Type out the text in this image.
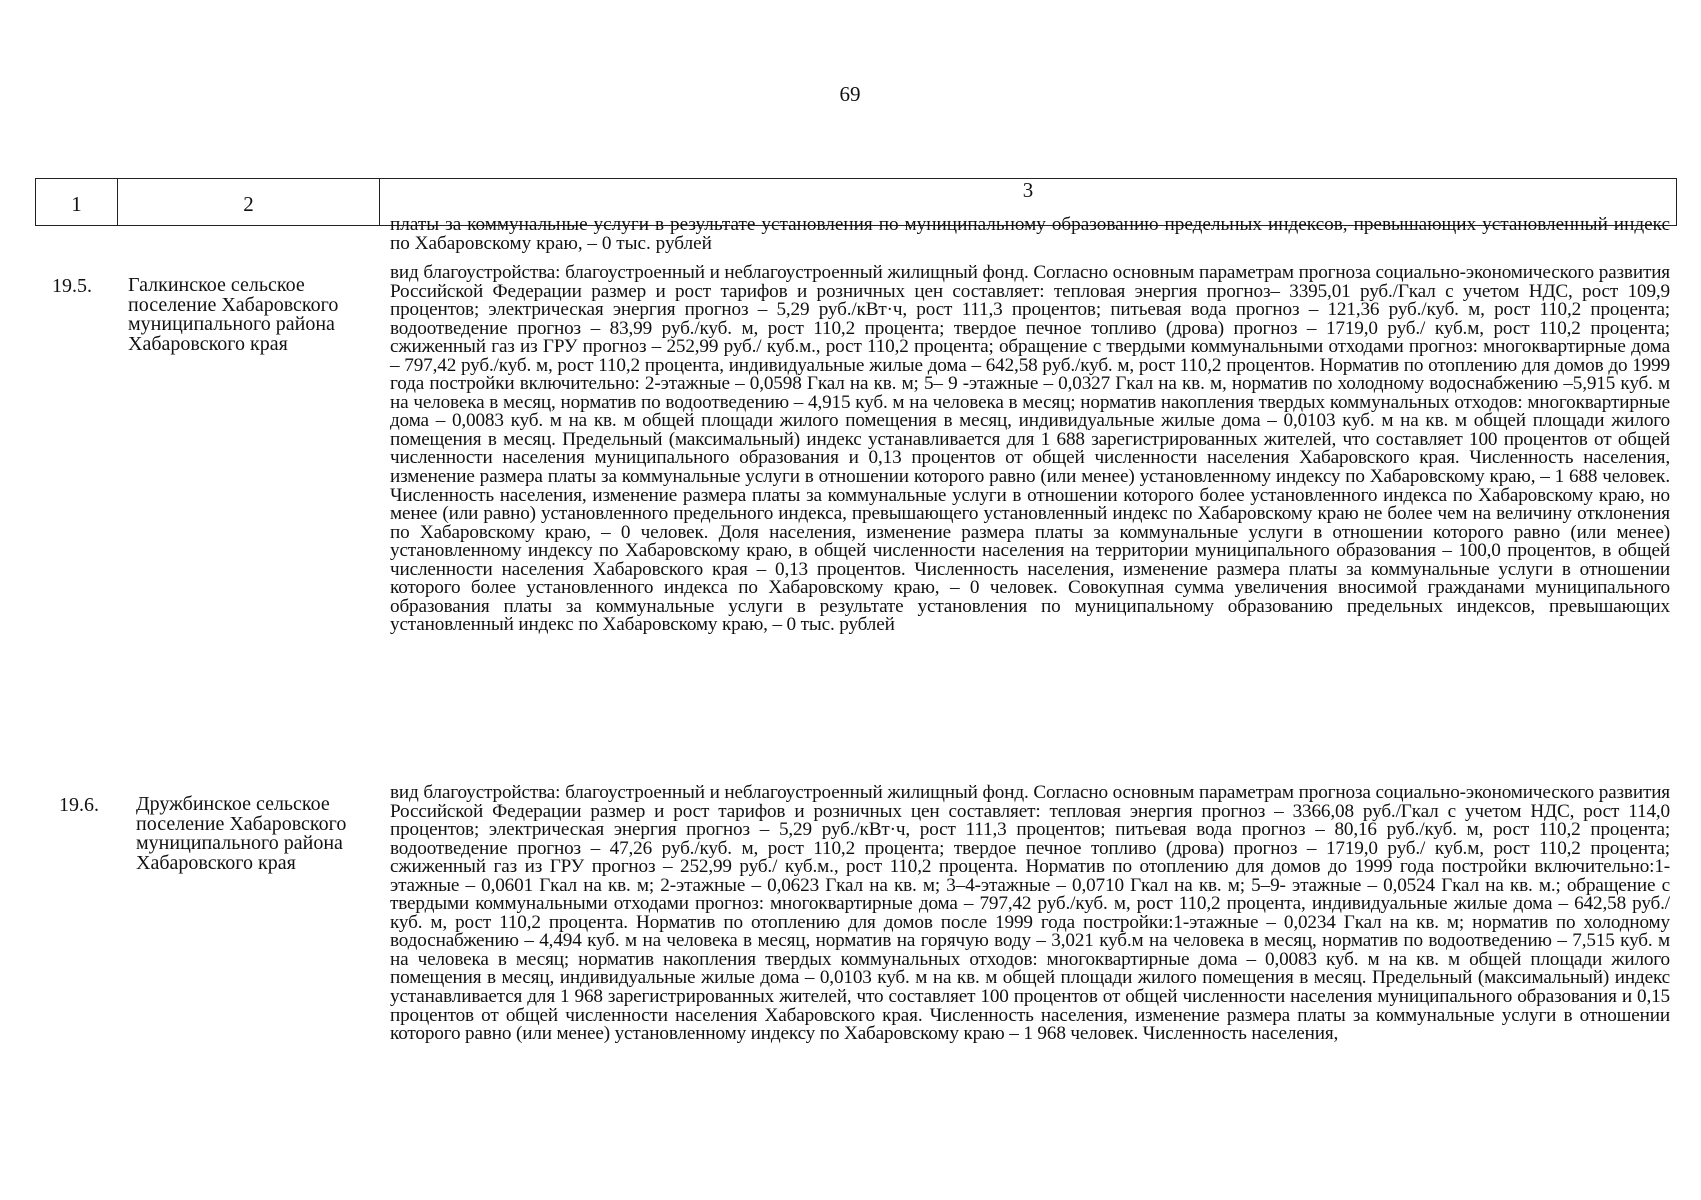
69
1	2
3
платы за коммунальные услуги в результате установления по муниципальному образованию предельных индексов, превышающих установленный индекс по Хабаровскому краю, – 0 тыс. рублей
19.5. Галкинское сельское поселение Хабаровского муниципального района Хабаровского края
вид благоустройства: благоустроенный и неблагоустроенный жилищный фонд. Согласно основным параметрам прогноза социально-экономического развития Российской Федерации размер и рост тарифов и розничных цен составляет: тепловая энергия прогноз– 3395,01 руб./Гкал с учетом НДС, рост 109,9 процентов; электрическая энергия прогноз – 5,29 руб./кВт·ч, рост 111,3 процентов; питьевая вода прогноз – 121,36 руб./куб. м, рост 110,2 процента; водоотведение прогноз – 83,99 руб./куб. м, рост 110,2 процента; твердое печное топливо (дрова) прогноз – 1719,0 руб./ куб.м, рост 110,2 процента; сжиженный газ из ГРУ прогноз – 252,99 руб./ куб.м., рост 110,2 процента; обращение с твердыми коммунальными отходами прогноз: многоквартирные дома – 797,42 руб./куб. м, рост 110,2 процента, индивидуальные жилые дома – 642,58 руб./куб. м, рост 110,2 процентов. Норматив по отоплению для домов до 1999 года постройки включительно: 2-этажные – 0,0598 Гкал на кв. м; 5– 9 -этажные – 0,0327 Гкал на кв. м, норматив по холодному водоснабжению –5,915 куб. м на человека в месяц, норматив по водоотведению – 4,915 куб. м на человека в месяц; норматив накопления твердых коммунальных отходов: многоквартирные дома – 0,0083 куб. м на кв. м общей площади жилого помещения в месяц, индивидуальные жилые дома – 0,0103 куб. м на кв. м общей площади жилого помещения в месяц. Предельный (максимальный) индекс устанавливается для 1 688 зарегистрированных жителей, что составляет 100 процентов от общей численности населения муниципального образования и 0,13 процентов от общей численности населения Хабаровского края. Численность населения, изменение размера платы за коммунальные услуги в отношении которого равно (или менее) установленному индексу по Хабаровскому краю, – 1 688 человек. Численность населения, изменение размера платы за коммунальные услуги в отношении которого более установленного индекса по Хабаровскому краю, но менее (или равно) установленного предельного индекса, превышающего установленный индекс по Хабаровскому краю не более чем на величину отклонения по Хабаровскому краю, – 0 человек. Доля населения, изменение размера платы за коммунальные услуги в отношении которого равно (или менее) установленному индексу по Хабаровскому краю, в общей численности населения на территории муниципального образования – 100,0 процентов, в общей численности населения Хабаровского края – 0,13 процентов. Численность населения, изменение размера платы за коммунальные услуги в отношении которого более установленного индекса по Хабаровскому краю, – 0 человек. Совокупная сумма увеличения вносимой гражданами муниципального образования платы за коммунальные услуги в результате установления по муниципальному образованию предельных индексов, превышающих установленный индекс по Хабаровскому краю, – 0 тыс. рублей
19.6. Дружбинское сельское поселение Хабаровского муниципального района Хабаровского края
вид благоустройства: благоустроенный и неблагоустроенный жилищный фонд. Согласно основным параметрам прогноза социально-экономического развития Российской Федерации размер и рост тарифов и розничных цен составляет: тепловая энергия прогноз – 3366,08 руб./Гкал с учетом НДС, рост 114,0 процентов; электрическая энергия прогноз – 5,29 руб./кВт·ч, рост 111,3 процентов; питьевая вода прогноз – 80,16 руб./куб. м, рост 110,2 процента; водоотведение прогноз – 47,26 руб./куб. м, рост 110,2 процента; твердое печное топливо (дрова) прогноз – 1719,0 руб./ куб.м, рост 110,2 процента; сжиженный газ из ГРУ прогноз – 252,99 руб./ куб.м., рост 110,2 процента. Норматив по отоплению для домов до 1999 года постройки включительно:1-этажные – 0,0601 Гкал на кв. м; 2-этажные – 0,0623 Гкал на кв. м; 3–4-этажные – 0,0710 Гкал на кв. м; 5–9- этажные – 0,0524 Гкал на кв. м.; обращение с твердыми коммунальными отходами прогноз: многоквартирные дома – 797,42 руб./куб. м, рост 110,2 процента, индивидуальные жилые дома – 642,58 руб./куб. м, рост 110,2 процента. Норматив по отоплению для домов после 1999 года постройки:1-этажные – 0,0234 Гкал на кв. м; норматив по холодному водоснабжению – 4,494 куб. м на человека в месяц, норматив на горячую воду – 3,021 куб.м на человека в месяц, норматив по водоотведению – 7,515 куб. м на человека в месяц; норматив накопления твердых коммунальных отходов: многоквартирные дома – 0,0083 куб. м на кв. м общей площади жилого помещения в месяц, индивидуальные жилые дома – 0,0103 куб. м на кв. м общей площади жилого помещения в месяц. Предельный (максимальный) индекс устанавливается для 1 968 зарегистрированных жителей, что составляет 100 процентов от общей численности населения муниципального образования и 0,15 процентов от общей численности населения Хабаровского края. Численность населения, изменение размера платы за коммунальные услуги в отношении которого равно (или менее) установленному индексу по Хабаровскому краю – 1 968 человек. Численность населения,
